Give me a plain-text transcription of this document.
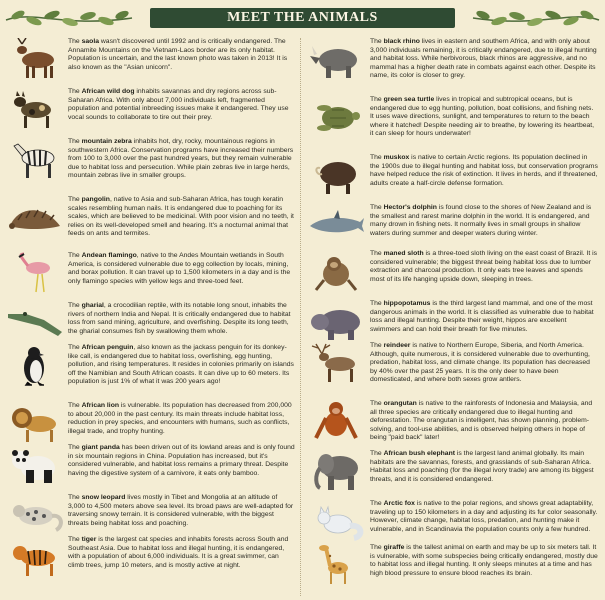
MEET THE ANIMALS

The saola wasn't discovered until 1992 and is critically endangered. The Annamite Mountains on the Vietnam-Laos border are its only habitat. Population is uncertain, and the last known photo was taken in 2013! It is also known as the "Asian unicorn".

The African wild dog inhabits savannas and dry regions across sub-Saharan Africa. With only about 7,000 individuals left, fragmented population and potential inbreeding issues make it endangered. They use vocal sounds to collaborate to tire out their prey.

The mountain zebra inhabits hot, dry, rocky, mountainous regions in southwestern Africa. Conservation programs have increased their numbers from 100 to 3,000 over the past hundred years, but they remain vulnerable due to habitat loss and persecution. While plain zebras live in large herds, mountain zebras live in smaller groups.

The pangolin, native to Asia and sub-Saharan Africa, has tough keratin scales resembling human nails. It is endangered due to poaching for its scales, which are believed to be medicinal. With poor vision and no teeth, it relies on its well-developed smell and hearing. It's a nocturnal animal that feeds on ants and termites.

The Andean flamingo, native to the Andes Mountain wetlands in South America, is considered vulnerable due to egg collection by locals, mining, and borax pollution. It can travel up to 1,500 kilometers in a day and is the only flamingo species with yellow legs and three-toed feet.

The gharial, a crocodilian reptile, with its notable long snout, inhabits the rivers of northern India and Nepal. It is critically endangered due to habitat loss from sand mining, agriculture, and overfishing. Despite its long teeth, the gharial consumes fish by swallowing them whole.

The African penguin, also known as the jackass penguin for its donkey-like call, is endangered due to habitat loss, overfishing, egg hunting, pollution, and rising temperatures. It resides in colonies primarily on islands off the Namibian and South African coasts. It can dive up to 60 meters. Its population is just 1% of what it was 200 years ago!

The African lion is vulnerable. Its population has decreased from 200,000 to about 20,000 in the past century. Its main threats include habitat loss, reduction in prey species, and encounters with humans, such as conflicts, illegal trade, and trophy hunting.

The giant panda has been driven out of its lowland areas and is only found in six mountain regions in China. Population has increased, but it's considered vulnerable, and habitat loss remains a primary threat. Despite having the digestive system of a carnivore, it eats only bamboo.

The snow leopard lives mostly in Tibet and Mongolia at an altitude of 3,000 to 4,500 meters above sea level. Its broad paws are well-adapted for traversing snowy terrain. It is considered vulnerable, with the biggest threats being habitat loss and poaching.

The tiger is the largest cat species and inhabits forests across South and Southeast Asia. Due to habitat loss and illegal hunting, it is endangered, with a population of about 6,000 individuals. It is a great swimmer, can climb trees, jump 10 meters, and is mostly active at night.

The black rhino lives in eastern and southern Africa, and with only about 3,000 individuals remaining, it is critically endangered, due to illegal hunting and habitat loss. While herbivorous, black rhinos are aggressive, and no mammal has a higher death rate in combats against each other. Despite its name, its color is closer to grey.

The green sea turtle lives in tropical and subtropical oceans, but is endangered due to egg hunting, pollution, boat collisions, and fishing nets. It uses wave directions, sunlight, and temperatures to return to the beach where it hatched! Despite needing air to breathe, by lowering its heartbeat, it can sleep for hours underwater!

The muskox is native to certain Arctic regions. Its population declined in the 1900s due to illegal hunting and habitat loss, but conservation programs have helped reduce the risk of extinction. It lives in herds, and if threatened, adults create a half-circle defense formation.

The Hector's dolphin is found close to the shores of New Zealand and is the smallest and rarest marine dolphin in the world. It is endangered, and many drown in fishing nets. It normally lives in small groups in shallow waters during summer and deeper waters during winter.

The maned sloth is a three-toed sloth living on the east coast of Brazil. It is considered vulnerable; the biggest threat being habitat loss due to lumber extraction and charcoal production. It only eats tree leaves and spends most of its life hanging upside down, sleeping in trees.

The hippopotamus is the third largest land mammal, and one of the most dangerous animals in the world. It is classified as vulnerable due to habitat loss and illegal hunting. Despite their weight, hippos are excellent swimmers and can hold their breath for five minutes.

The reindeer is native to Northern Europe, Siberia, and North America. Although, quite numerous, it is considered vulnerable due to overhunting, predation, habitat loss, and climate change. Its population has decreased by 40% over the past 25 years. It is the only deer to have been domesticated, and where both sexes grow antlers.

The orangutan is native to the rainforests of Indonesia and Malaysia, and all three species are critically endangered due to illegal hunting and deforestation. The orangutan is intelligent, has shown planning, problem-solving, and tool-use abilities, and is observed helping others in hope of being "paid back" later!

The African bush elephant is the largest land animal globally. Its main habitats are the savannas, forests, and grasslands of sub-Saharan Africa. Habitat loss and poaching (for the illegal ivory trade) are among its biggest threats, and it is considered endangered.

The Arctic fox is native to the polar regions, and shows great adaptability, traveling up to 150 kilometers in a day and adjusting its fur color seasonally. However, climate change, habitat loss, predation, and hunting make it vulnerable, and in Scandinavia the population counts only a few hundred.

The giraffe is the tallest animal on earth and may be up to six meters tall. It is vulnerable, with some subspecies being critically endangered, mostly due to habitat loss and illegal hunting. It only sleeps minutes at a time and has high blood pressure to ensure blood reaches its brain.
